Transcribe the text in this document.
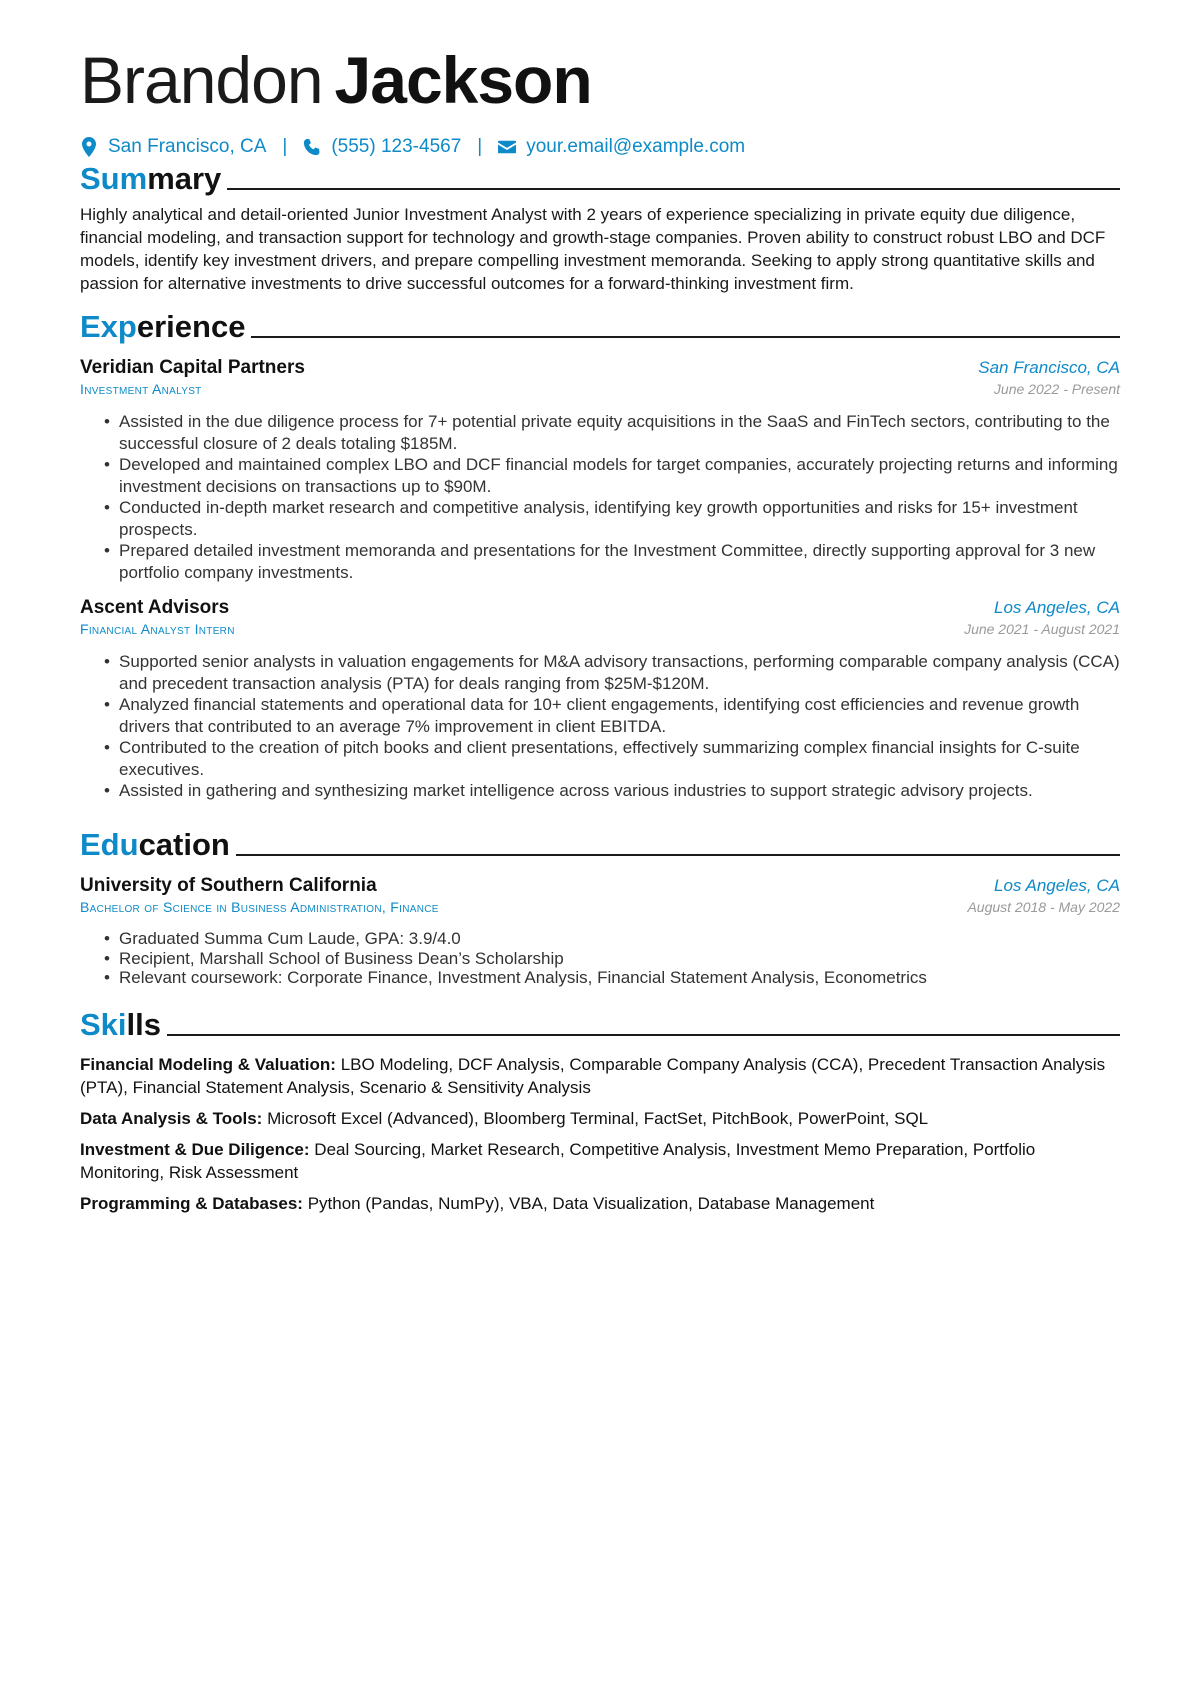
Brandon Jackson
San Francisco, CA | (555) 123-4567 | your.email@example.com
Summary
Highly analytical and detail-oriented Junior Investment Analyst with 2 years of experience specializing in private equity due diligence, financial modeling, and transaction support for technology and growth-stage companies. Proven ability to construct robust LBO and DCF models, identify key investment drivers, and prepare compelling investment memoranda. Seeking to apply strong quantitative skills and passion for alternative investments to drive successful outcomes for a forward-thinking investment firm.
Experience
Veridian Capital Partners	San Francisco, CA
Investment Analyst	June 2022 - Present
• Assisted in the due diligence process for 7+ potential private equity acquisitions in the SaaS and FinTech sectors, contributing to the successful closure of 2 deals totaling $185M.
• Developed and maintained complex LBO and DCF financial models for target companies, accurately projecting returns and informing investment decisions on transactions up to $90M.
• Conducted in-depth market research and competitive analysis, identifying key growth opportunities and risks for 15+ investment prospects.
• Prepared detailed investment memoranda and presentations for the Investment Committee, directly supporting approval for 3 new portfolio company investments.
Ascent Advisors	Los Angeles, CA
Financial Analyst Intern	June 2021 - August 2021
• Supported senior analysts in valuation engagements for M&A advisory transactions, performing comparable company analysis (CCA) and precedent transaction analysis (PTA) for deals ranging from $25M-$120M.
• Analyzed financial statements and operational data for 10+ client engagements, identifying cost efficiencies and revenue growth drivers that contributed to an average 7% improvement in client EBITDA.
• Contributed to the creation of pitch books and client presentations, effectively summarizing complex financial insights for C-suite executives.
• Assisted in gathering and synthesizing market intelligence across various industries to support strategic advisory projects.
Education
University of Southern California	Los Angeles, CA
Bachelor of Science in Business Administration, Finance	August 2018 - May 2022
• Graduated Summa Cum Laude, GPA: 3.9/4.0
• Recipient, Marshall School of Business Dean’s Scholarship
• Relevant coursework: Corporate Finance, Investment Analysis, Financial Statement Analysis, Econometrics
Skills
Financial Modeling & Valuation: LBO Modeling, DCF Analysis, Comparable Company Analysis (CCA), Precedent Transaction Analysis (PTA), Financial Statement Analysis, Scenario & Sensitivity Analysis
Data Analysis & Tools: Microsoft Excel (Advanced), Bloomberg Terminal, FactSet, PitchBook, PowerPoint, SQL
Investment & Due Diligence: Deal Sourcing, Market Research, Competitive Analysis, Investment Memo Preparation, Portfolio Monitoring, Risk Assessment
Programming & Databases: Python (Pandas, NumPy), VBA, Data Visualization, Database Management
